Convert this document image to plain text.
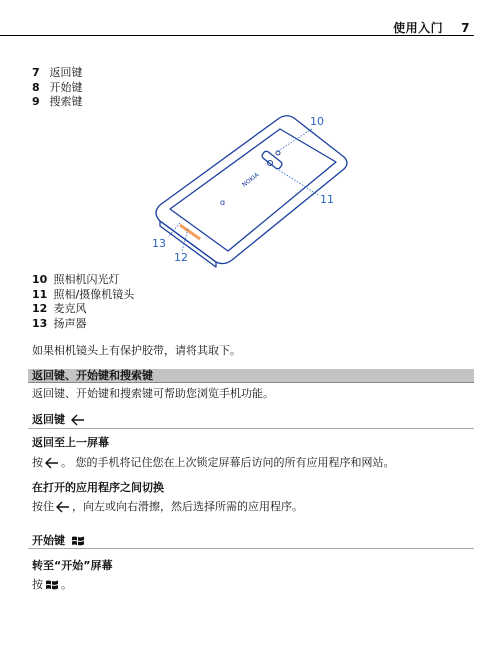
使用入门 7
7 返回键
8 开始键
9 搜索键
NOKIA
ɑ
10
11
12
13
10 照相机闪光灯
11 照相/摄像机镜头
12 麦克风
13 扬声器
如果相机镜头上有保护胶带，请将其取下。
返回键、开始键和搜索键
返回键、开始键和搜索键可帮助您浏览手机功能。
返回键
返回至上一屏幕
按 。 您的手机将记住您在上次锁定屏幕后访问的所有应用程序和网站。
在打开的应用程序之间切换
按住 ，向左或向右滑擦，然后选择所需的应用程序。
开始键
转至“开始”屏幕
按 。
